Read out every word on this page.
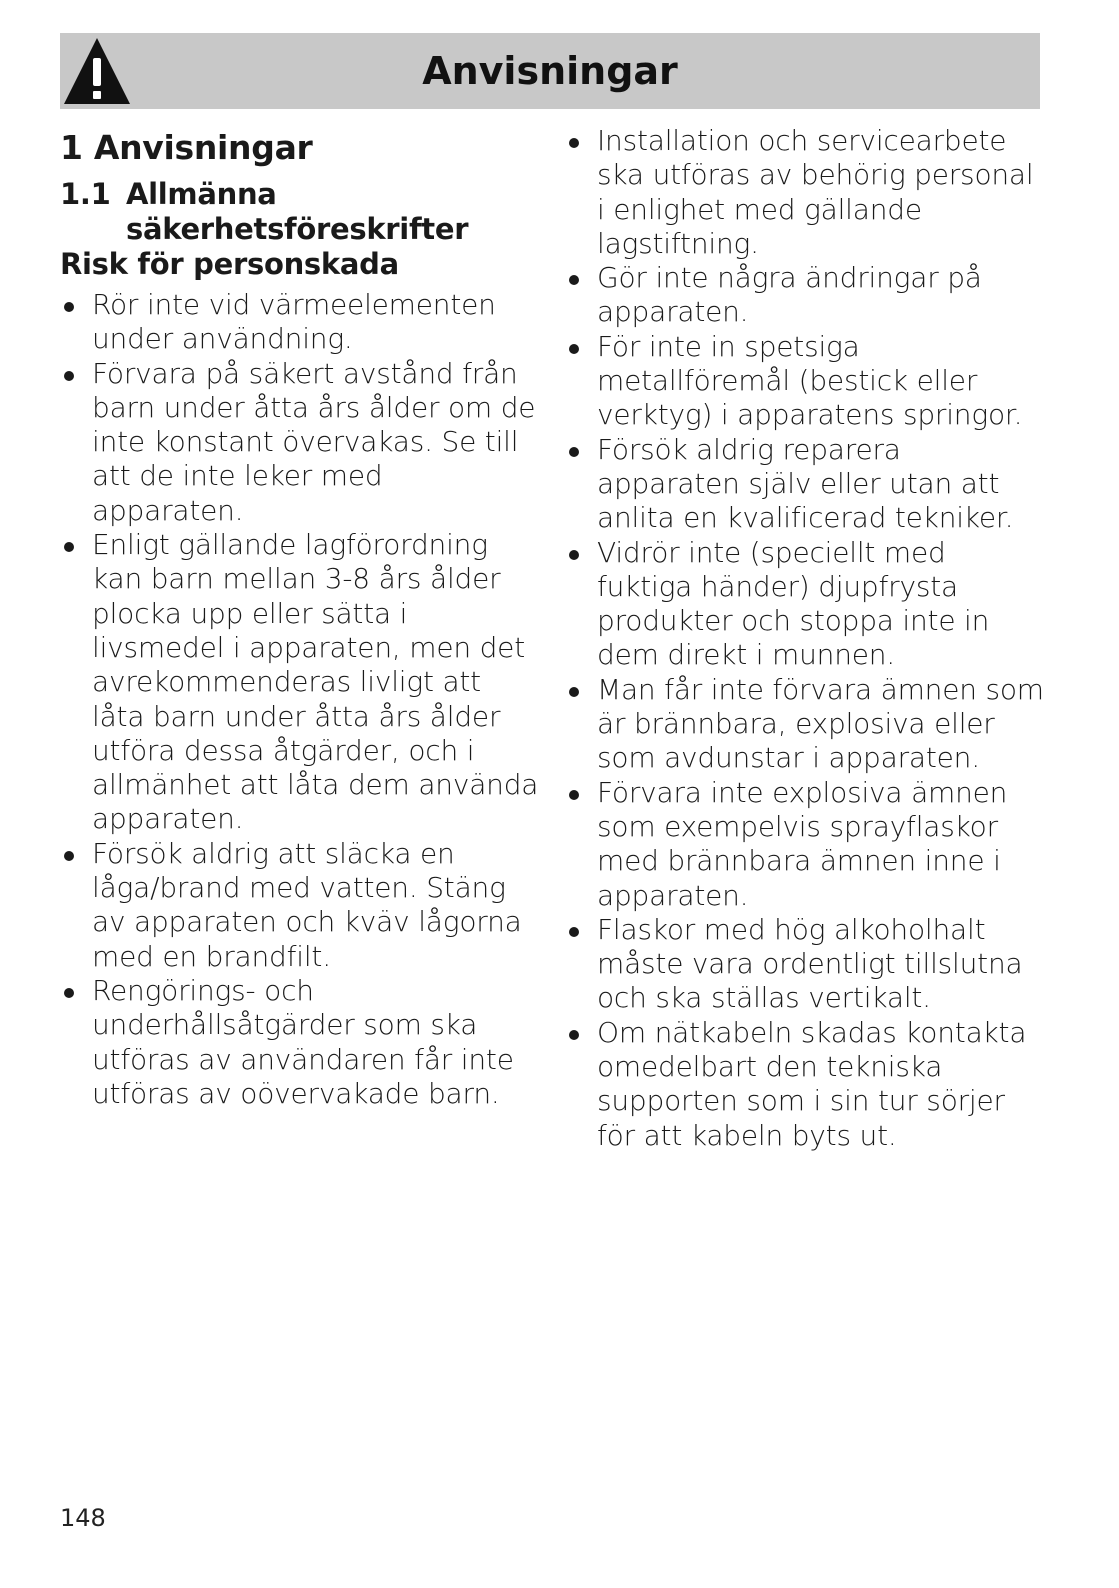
Anvisningar
1 Anvisningar
1.1 Allmänna
säkerhetsföreskrifter
Risk för personskada
Rör inte vid värmeelementen under användning.
Förvara på säkert avstånd från barn under åtta års ålder om de inte konstant övervakas. Se till att de inte leker med apparaten.
Enligt gällande lagförordning kan barn mellan 3-8 års ålder plocka upp eller sätta i livsmedel i apparaten, men det avrekommenderas livligt att låta barn under åtta års ålder utföra dessa åtgärder, och i allmänhet att låta dem använda apparaten.
Försök aldrig att släcka en låga/brand med vatten. Stäng av apparaten och kväv lågorna med en brandfilt.
Rengörings- och underhållsåtgärder som ska utföras av användaren får inte utföras av oövervakade barn.
Installation och servicearbete ska utföras av behörig personal i enlighet med gällande lagstiftning.
Gör inte några ändringar på apparaten.
För inte in spetsiga metallföremål (bestick eller verktyg) i apparatens springor.
Försök aldrig reparera apparaten själv eller utan att anlita en kvalificerad tekniker.
Vidrör inte (speciellt med fuktiga händer) djupfrysta produkter och stoppa inte in dem direkt i munnen.
Man får inte förvara ämnen som är brännbara, explosiva eller som avdunstar i apparaten.
Förvara inte explosiva ämnen som exempelvis sprayflaskor med brännbara ämnen inne i apparaten.
Flaskor med hög alkoholhalt måste vara ordentligt tillslutna och ska ställas vertikalt.
Om nätkabeln skadas kontakta omedelbart den tekniska supporten som i sin tur sörjer för att kabeln byts ut.
148
